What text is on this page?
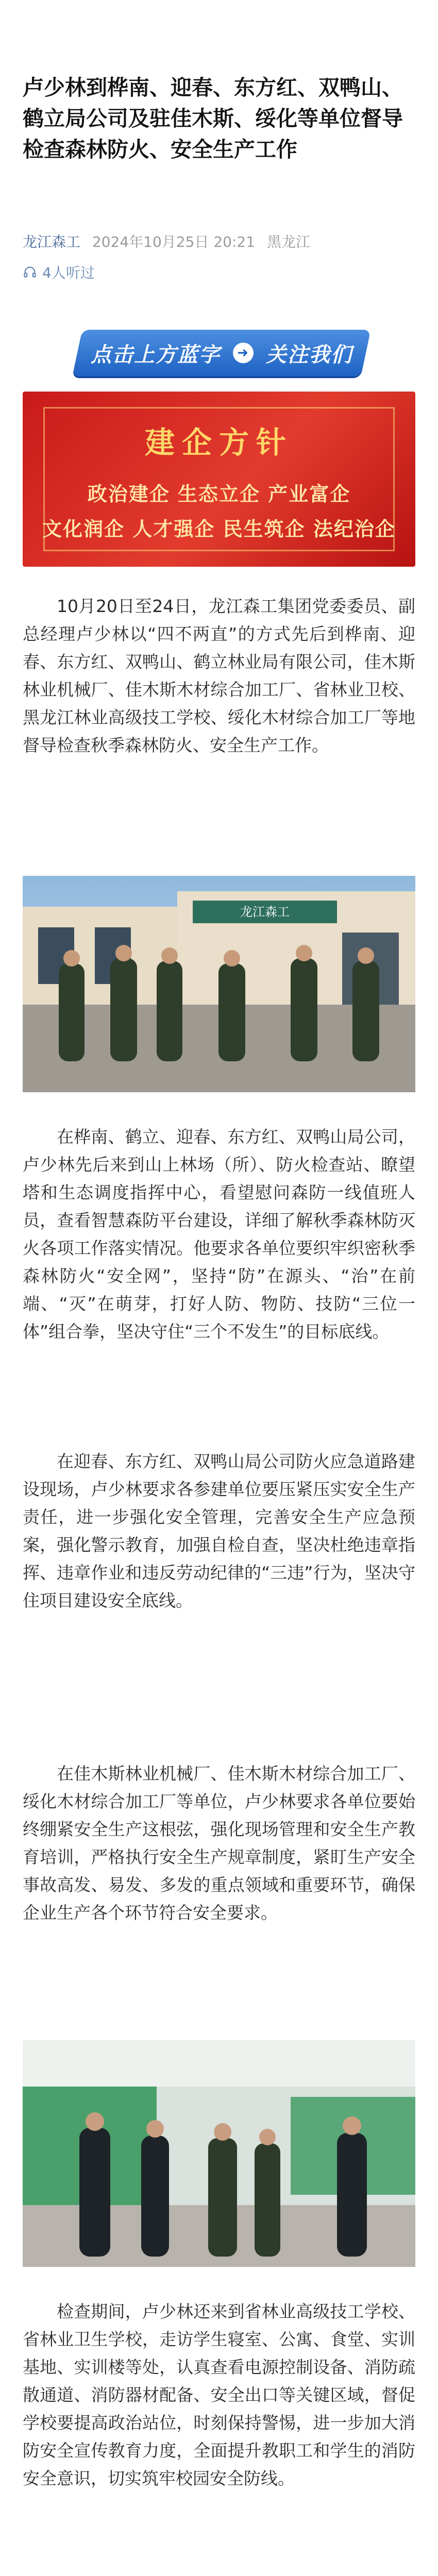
卢少林到桦南、迎春、东方红、双鸭山、鹤立局公司及驻佳木斯、绥化等单位督导检查森林防火、安全生产工作
龙江森工 2024年10月25日 20:21 黑龙江
4人听过
点击上方蓝字	➜ 关注我们
建企方针
政治建企 生态立企 产业富企
文化润企 人才强企 民生筑企 法纪治企

10月20日至24日，龙江森工集团党委委员、副总经理卢少林以“四不两直”的方式先后到桦南、迎春、东方红、双鸭山、鹤立林业局有限公司，佳木斯林业机械厂、佳木斯木材综合加工厂、省林业卫校、黑龙江林业高级技工学校、绥化木材综合加工厂等地督导检查秋季森林防火、安全生产工作。

龙江森工

在桦南、鹤立、迎春、东方红、双鸭山局公司，卢少林先后来到山上林场（所）、防火检查站、瞭望塔和生态调度指挥中心，看望慰问森防一线值班人员，查看智慧森防平台建设，详细了解秋季森林防灭火各项工作落实情况。他要求各单位要织牢织密秋季森林防火“安全网”，坚持“防”在源头、“治”在前端、“灭”在萌芽，打好人防、物防、技防“三位一体”组合拳，坚决守住“三个不发生”的目标底线。

在迎春、东方红、双鸭山局公司防火应急道路建设现场，卢少林要求各参建单位要压紧压实安全生产责任，进一步强化安全管理，完善安全生产应急预案，强化警示教育，加强自检自查，坚决杜绝违章指挥、违章作业和违反劳动纪律的“三违”行为，坚决守住项目建设安全底线。

在佳木斯林业机械厂、佳木斯木材综合加工厂、绥化木材综合加工厂等单位，卢少林要求各单位要始终绷紧安全生产这根弦，强化现场管理和安全生产教育培训，严格执行安全生产规章制度，紧盯生产安全事故高发、易发、多发的重点领域和重要环节，确保企业生产各个环节符合安全要求。

检查期间，卢少林还来到省林业高级技工学校、省林业卫生学校，走访学生寝室、公寓、食堂、实训基地、实训楼等处，认真查看电源控制设备、消防疏散通道、消防器材配备、安全出口等关键区域，督促学校要提高政治站位，时刻保持警惕，进一步加大消防安全宣传教育力度，全面提升教职工和学生的消防安全意识，切实筑牢校园安全防线。
